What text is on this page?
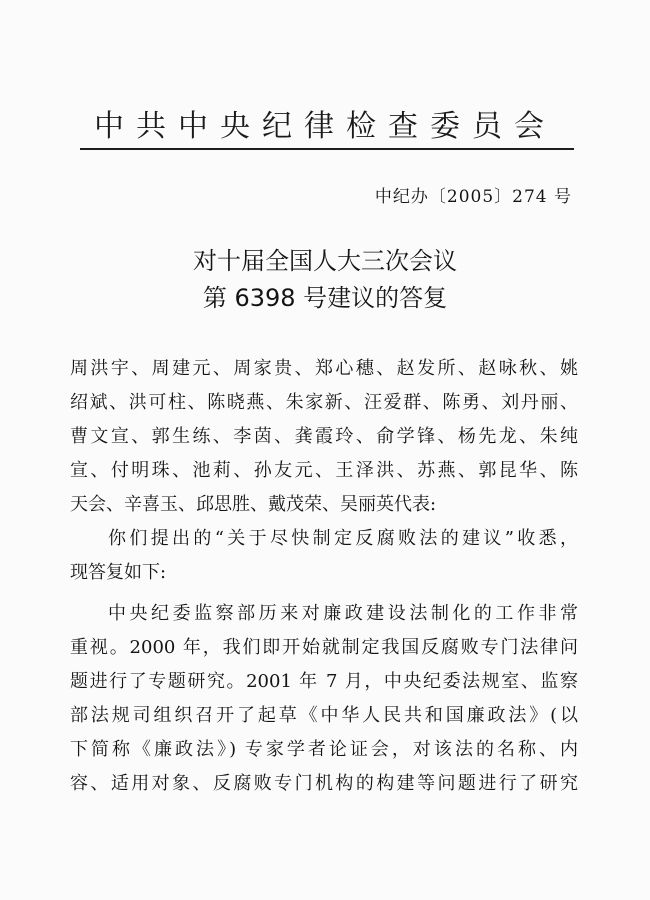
中共中央纪律检查委员会
中纪办〔2005〕274 号
对十届全国人大三次会议
第 6398 号建议的答复
周洪宇、周建元、周家贵、郑心穗、赵发所、赵咏秋、姚
绍斌、洪可柱、陈晓燕、朱家新、汪爱群、陈勇、刘丹丽、
曹文宣、郭生练、李茵、龚霞玲、俞学锋、杨先龙、朱纯
宣、付明珠、池莉、孙友元、王泽洪、苏燕、郭昆华、陈
天会、辛喜玉、邱思胜、戴茂荣、吴丽英代表:
你们提出的“关于尽快制定反腐败法的建议”收悉，
现答复如下:
中央纪委监察部历来对廉政建设法制化的工作非常
重视。2000 年，我们即开始就制定我国反腐败专门法律问
题进行了专题研究。2001 年 7 月，中央纪委法规室、监察
部法规司组织召开了起草《中华人民共和国廉政法》(以
下简称《廉政法》) 专家学者论证会，对该法的名称、内
容、适用对象、反腐败专门机构的构建等问题进行了研究
